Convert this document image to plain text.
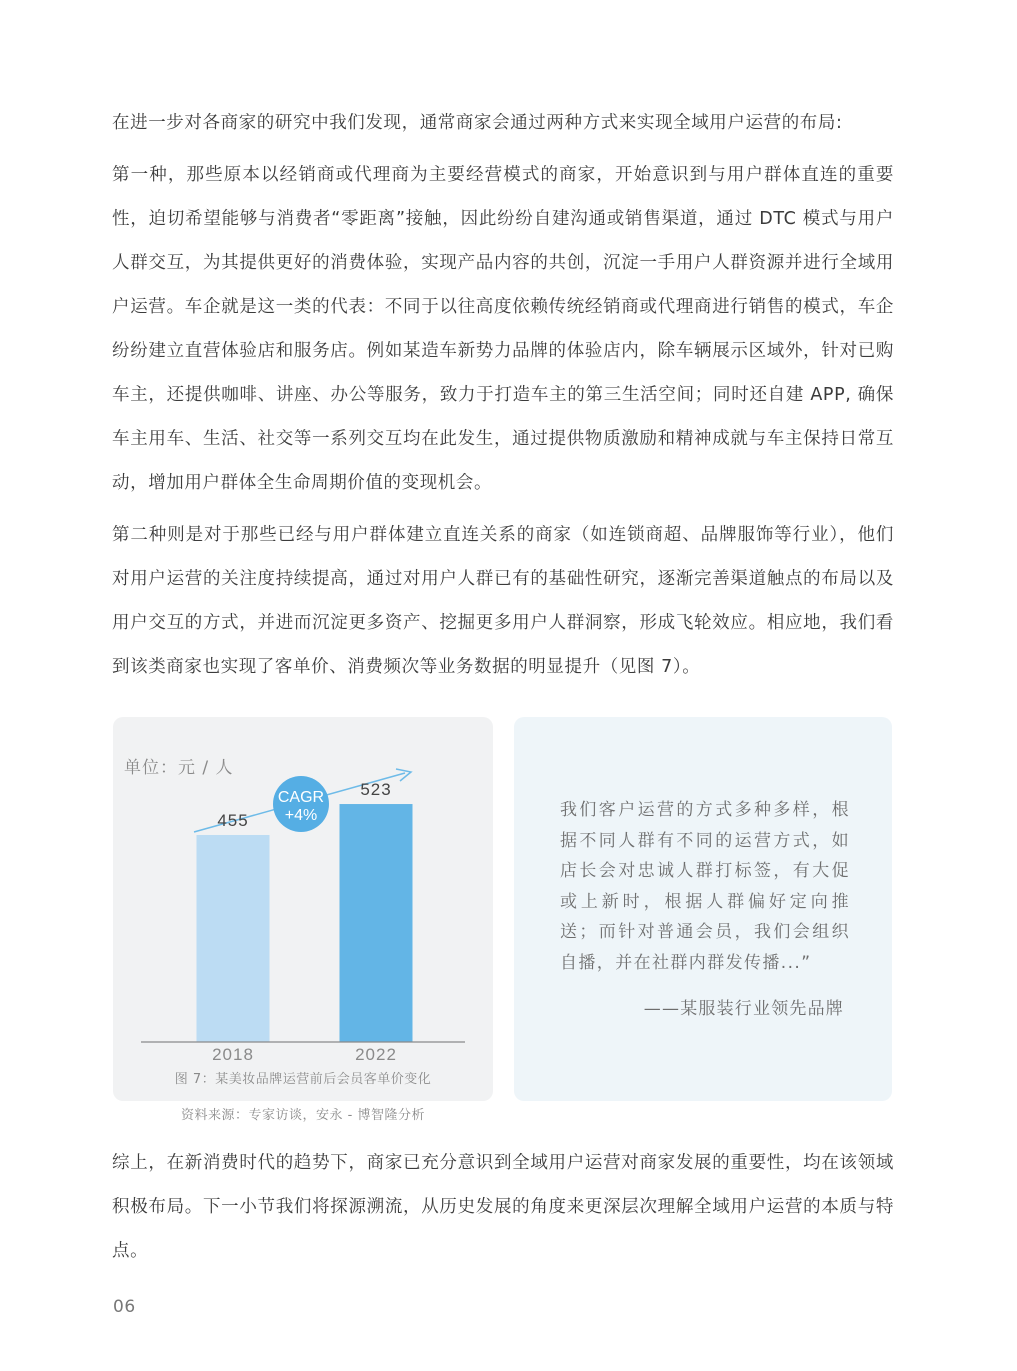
在进一步对各商家的研究中我们发现，通常商家会通过两种方式来实现全域用户运营的布局:

第一种，那些原本以经销商或代理商为主要经营模式的商家，开始意识到与用户群体直连的重要性，迫切希望能够与消费者“零距离”接触，因此纷纷自建沟通或销售渠道，通过 DTC 模式与用户人群交互，为其提供更好的消费体验，实现产品内容的共创，沉淀一手用户人群资源并进行全域用户运营。车企就是这一类的代表：不同于以往高度依赖传统经销商或代理商进行销售的模式，车企纷纷建立直营体验店和服务店。例如某造车新势力品牌的体验店内，除车辆展示区域外，针对已购车主，还提供咖啡、讲座、办公等服务，致力于打造车主的第三生活空间；同时还自建 APP, 确保车主用车、生活、社交等一系列交互均在此发生，通过提供物质激励和精神成就与车主保持日常互动，增加用户群体全生命周期价值的变现机会。

第二种则是对于那些已经与用户群体建立直连关系的商家（如连锁商超、品牌服饰等行业），他们对用户运营的关注度持续提高，通过对用户人群已有的基础性研究，逐渐完善渠道触点的布局以及用户交互的方式，并进而沉淀更多资产、挖掘更多用户人群洞察，形成飞轮效应。相应地，我们看到该类商家也实现了客单价、消费频次等业务数据的明显提升（见图 7）。

455
2018
523
2022
CAGR
+4%
单位：元 / 人
图 7：某美妆品牌运营前后会员客单价变化
资料来源：专家访谈，安永 - 博智隆分析
我们客户运营的方式多种多样，根据不同人群有不同的运营方式，如店长会对忠诚人群打标签，有大促或上新时，根据人群偏好定向推送；而针对普通会员，我们会组织自播，并在社群内群发传播...”
——某服装行业领先品牌

综上，在新消费时代的趋势下，商家已充分意识到全域用户运营对商家发展的重要性，均在该领域积极布局。下一小节我们将探源溯流，从历史发展的角度来更深层次理解全域用户运营的本质与特点。

06
